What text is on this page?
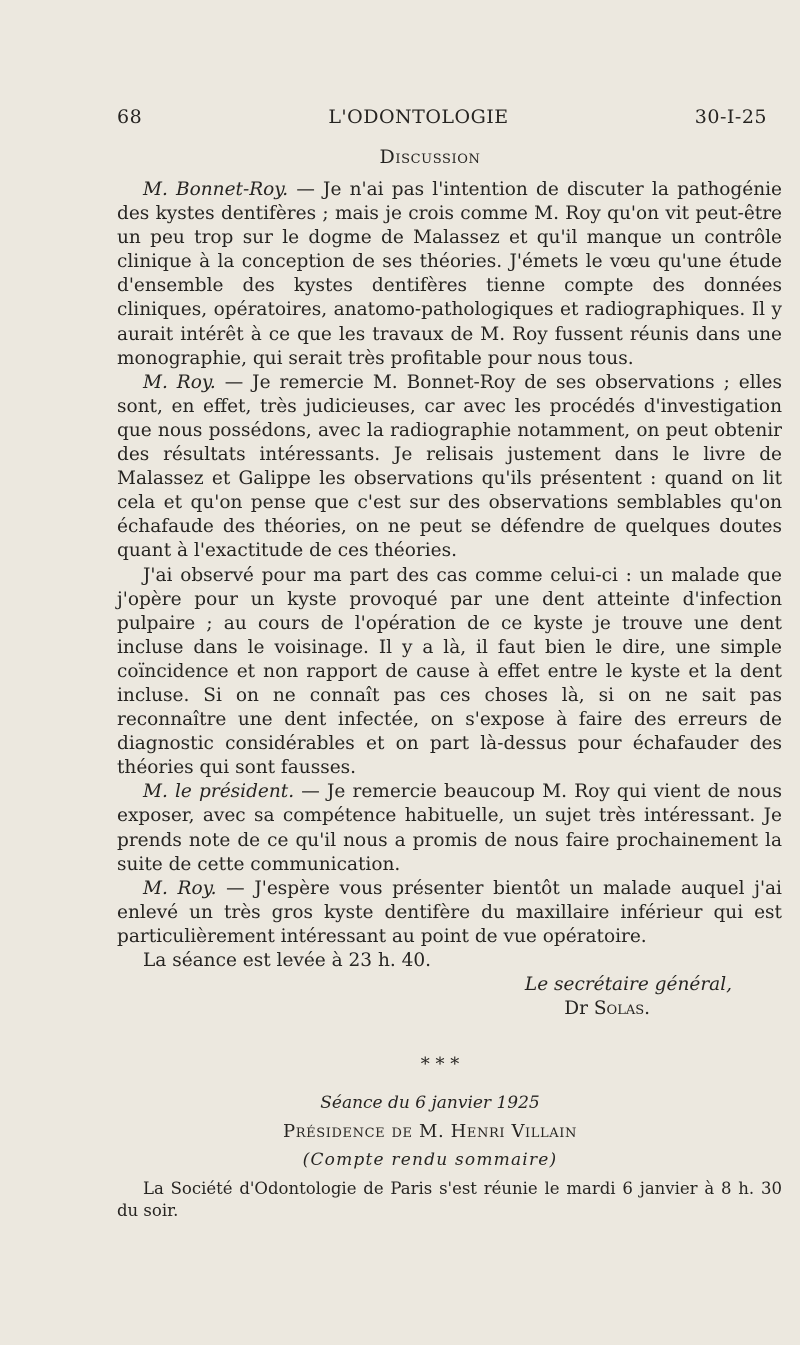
68	L'ODONTOLOGIE	30-I-25
Discussion

M. Bonnet-Roy. — Je n'ai pas l'intention de discuter la pathogénie des kystes dentifères ; mais je crois comme M. Roy qu'on vit peut-être un peu trop sur le dogme de Malassez et qu'il manque un contrôle clinique à la conception de ses théories. J'émets le vœu qu'une étude d'ensemble des kystes dentifères tienne compte des données cliniques, opératoires, anatomo-pathologiques et radiographiques. Il y aurait intérêt à ce que les travaux de M. Roy fussent réunis dans une monographie, qui serait très profitable pour nous tous.

M. Roy. — Je remercie M. Bonnet-Roy de ses observations ; elles sont, en effet, très judicieuses, car avec les procédés d'investigation que nous possédons, avec la radiographie notamment, on peut obtenir des résultats intéressants. Je relisais justement dans le livre de Malassez et Galippe les observations qu'ils présentent : quand on lit cela et qu'on pense que c'est sur des observations semblables qu'on échafaude des théories, on ne peut se défendre de quelques doutes quant à l'exactitude de ces théories.

J'ai observé pour ma part des cas comme celui-ci : un malade que j'opère pour un kyste provoqué par une dent atteinte d'infection pulpaire ; au cours de l'opération de ce kyste je trouve une dent incluse dans le voisinage. Il y a là, il faut bien le dire, une simple coïncidence et non rapport de cause à effet entre le kyste et la dent incluse. Si on ne connaît pas ces choses là, si on ne sait pas reconnaître une dent infectée, on s'expose à faire des erreurs de diagnostic considérables et on part là-dessus pour échafauder des théories qui sont fausses.

M. le président. — Je remercie beaucoup M. Roy qui vient de nous exposer, avec sa compétence habituelle, un sujet très intéressant. Je prends note de ce qu'il nous a promis de nous faire prochainement la suite de cette communication.

M. Roy. — J'espère vous présenter bientôt un malade auquel j'ai enlevé un très gros kyste dentifère du maxillaire inférieur qui est particulièrement intéressant au point de vue opératoire.

La séance est levée à 23 h. 40.

Le secrétaire général,

Dr Solas.

* * *
Séance du 6 janvier 1925
Présidence de M. Henri Villain
(Compte rendu sommaire)

La Société d'Odontologie de Paris s'est réunie le mardi 6 janvier à 8 h. 30 du soir.
